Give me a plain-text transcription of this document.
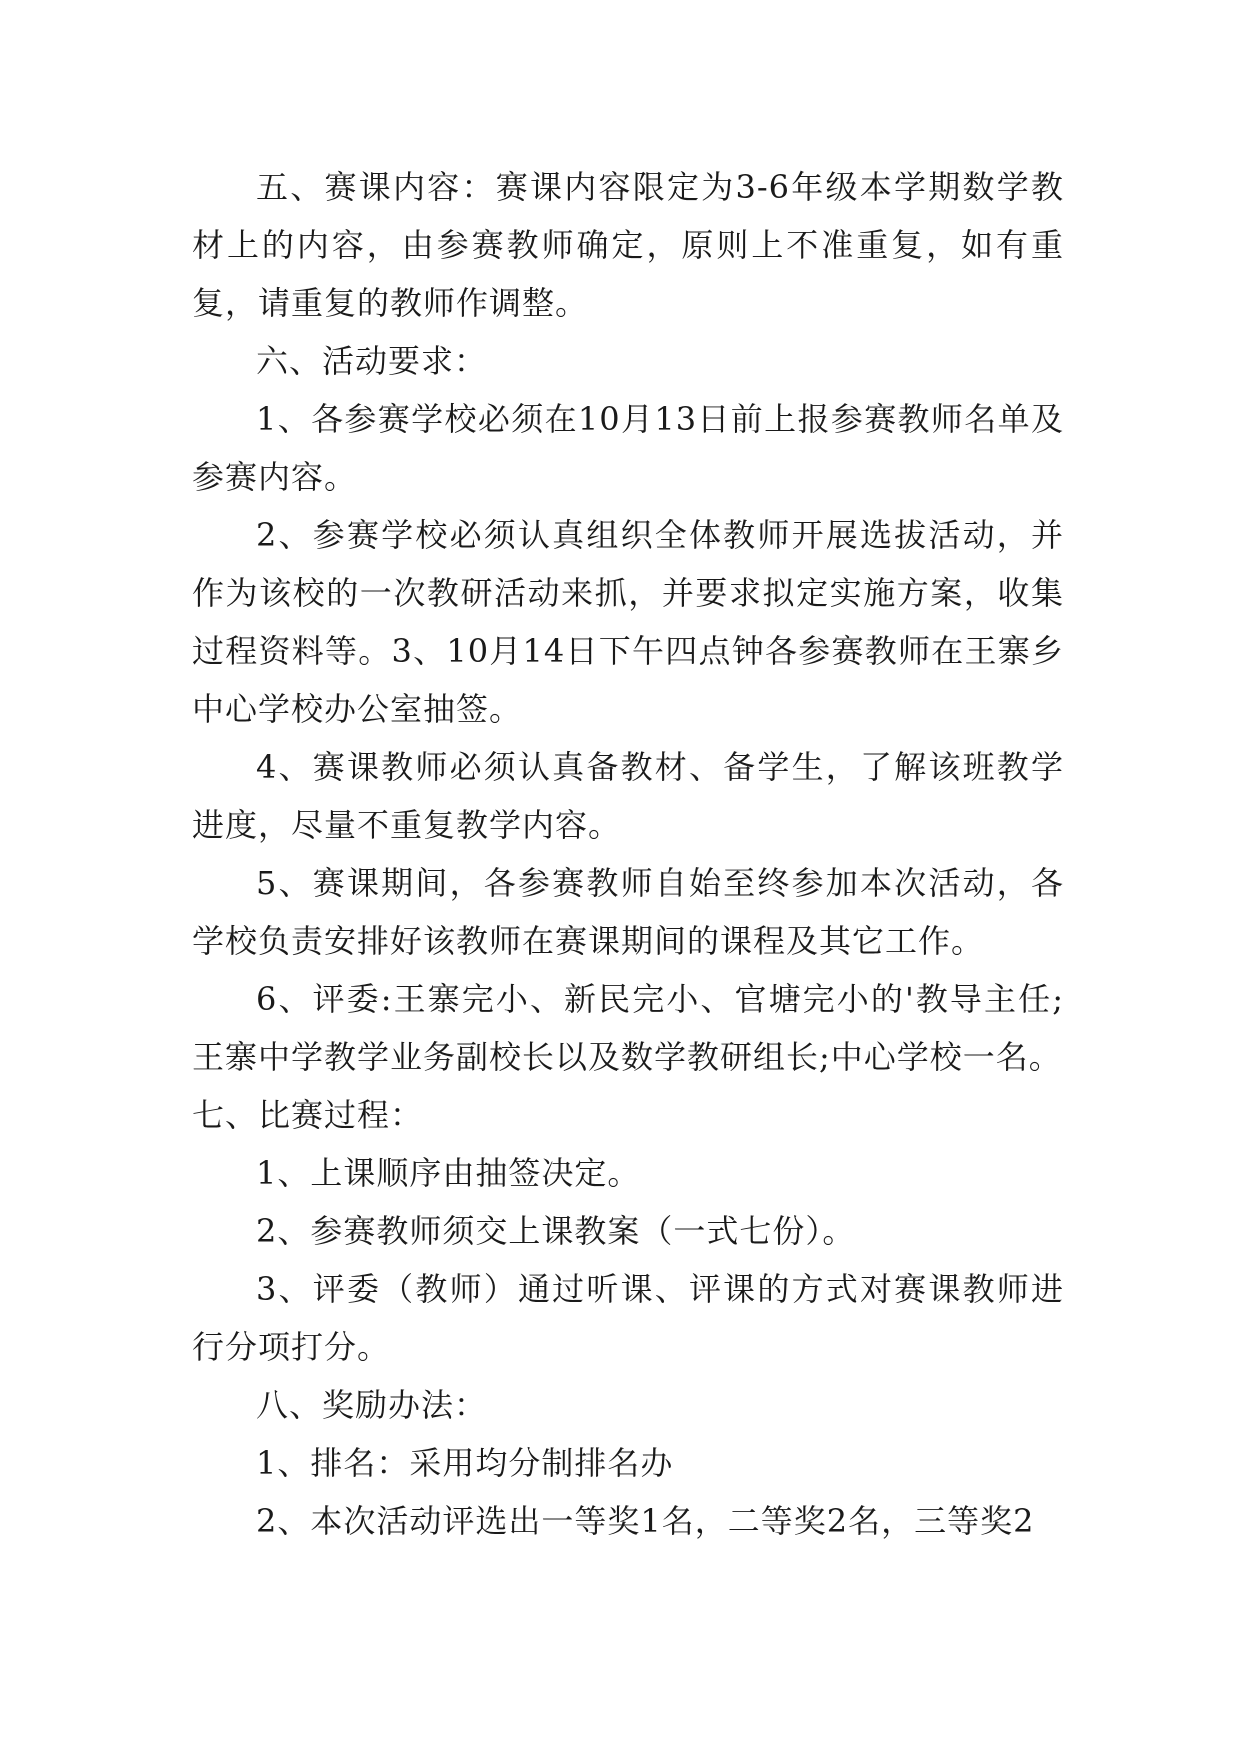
五、赛课内容：赛课内容限定为3-6年级本学期数学教材上的内容，由参赛教师确定，原则上不准重复，如有重复，请重复的教师作调整。

六、活动要求：

1、各参赛学校必须在10月13日前上报参赛教师名单及参赛内容。

2、参赛学校必须认真组织全体教师开展选拔活动，并作为该校的一次教研活动来抓，并要求拟定实施方案，收集过程资料等。3、10月14日下午四点钟各参赛教师在王寨乡中心学校办公室抽签。

4、赛课教师必须认真备教材、备学生，了解该班教学进度，尽量不重复教学内容。

5、赛课期间，各参赛教师自始至终参加本次活动，各学校负责安排好该教师在赛课期间的课程及其它工作。

6、评委:王寨完小、新民完小、官塘完小的'教导主任;王寨中学教学业务副校长以及数学教研组长;中心学校一名。

七、比赛过程：

1、上课顺序由抽签决定。

2、参赛教师须交上课教案（一式七份）。

3、评委（教师）通过听课、评课的方式对赛课教师进行分项打分。

八、奖励办法：

1、排名：采用均分制排名办

2、本次活动评选出一等奖1名，二等奖2名，三等奖2
